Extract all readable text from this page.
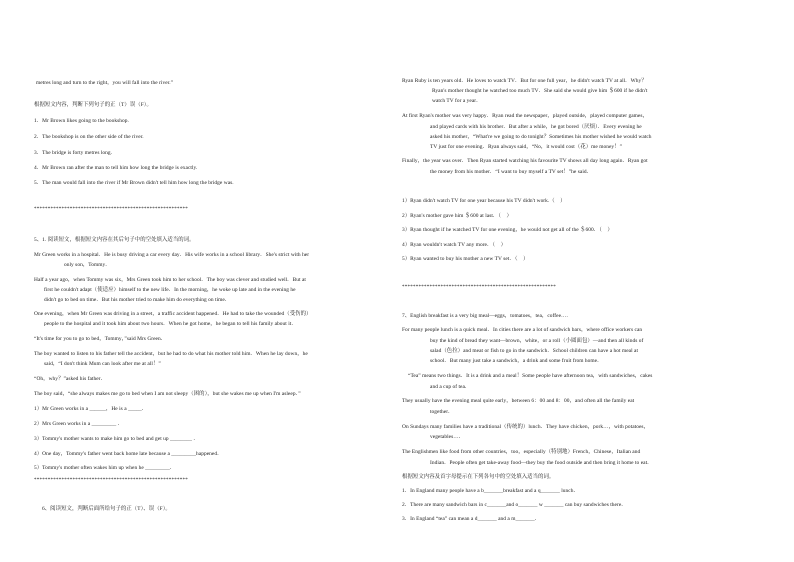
metres long and turn to the right，you will fall into the river.”
根据短文内容，判断下列句子的正（T）误（F）。
1．Mr Brown likes going to the bookshop.
2．The bookshop is on the other side of the river.
3．The bridge is forty metres long.
4．Mr Brown ran after the man to tell him how long the bridge is exactly.
5．The man would fall into the river if Mr Brown didn't tell him how long the bridge was.
********************************************************
5、1. 阅读短文，根据短文内容在其后句子中的空处填入适当的词。
Mr Green works in a hospital．He is busy driving a car every day．His wife works in a school library．She's strict with her
only son，Tommy．
Half a year ago，when Tommy was six，Mrs Green took him to her school．The boy was clever and studied well．But at
first he couldn't adapt（使适应）himself to the new life．In the morning，he woke up late and in the evening he
didn't go to bed on time．But his mother tried to make him do everything on time．
One evening，when Mr Green was driving in a street，a traffic accident happened．He had to take the wounded（受伤的）
people to the hospital and it took him about two hours．When he got home，he began to tell his family about it．
“It's time for you to go to bed，Tommy，”said Mrs Green．
The boy wanted to listen to his father tell the accident，but he had to do what his mother told him．When he lay down，he
said，“I don't think Mum can look after me at all！”
“Oh，why？”asked his father．
The boy said，“she always makes me go to bed when I am not sleepy（困的），but she wakes me up when I'm asleep．”
1）Mr Green works in a ______，He is a _____．
2）Mrs Green works in a _________ ．
3）Tommy's mother wants to make him go to bed and get up ________ ．
4）One day，Tommy's father went back home late because a _________happened．
5）Tommy's mother often wakes him up when he _________．
********************************************************
6、阅读短文，判断后面所给句子的正（T）、误（F）。
Ryan Ruby is ten years old．He loves to watch TV．But for one full year，he didn't watch TV at all．Why？
Ryan's mother thought he watched too much TV．She said she would give him ＄600 if he didn't
watch TV for a year．
At first Ryan's mother was very happy．Ryan read the newspaper，played outside，played computer games，
and played cards with his brother．But after a while，he got bored（厌烦）．Every evening he
asked his mother，“What're we going to do tonight？Sometimes his mother wished he would watch
TV just for one evening．Ryan always said，“No，it would cost（花）me money！”
Finally，the year was over．Then Ryan started watching his favourite TV shows all day long again．Ryan got
the money from his mother．“I want to buy myself a TV set！”he said．
1）Ryan didn't watch TV for one year because his TV didn't work.（　）
2）Ryan's mother gave him ＄600 at last．（　）
3）Ryan thought if he watched TV for one evening，he would not get all of the ＄600．（　）
4）Ryan wouldn't watch TV any more．（　）
5）Ryan wanted to buy his mother a new TV set．（　）
********************************************************
7、English breakfast is a very big meal—eggs，tomatoes，tea，coffee….
For many people lunch is a quick meal．In cities there are a lot of sandwich bars，where office workers can
buy the kind of bread they want—brown，white，or a roll（小圆面包）—and then all kinds of
salad（色拉）and meat or fish to go in the sandwich．School children can have a hot meal at
school．But many just take a sandwich，a drink and some fruit from home．
“Tea” means two things．It is a drink and a meal！Some people have afternoon tea，with sandwiches，cakes
and a cup of tea．
They usually have the evening meal quite early，between 6：00 and 8：00，and often all the family eat
together．
On Sundays many families have a traditional（传统的）lunch．They have chicken，pork…，with potatoes，
vegetables…．
The Englishmen like food from other countries，too，especially（特别地）French，Chinese，Italian and
Indian．People often get take-away food—they buy the food outside and then bring it home to eat．
根据短文内容及首字母提示在下列各句中的空处填入适当的词。
1．In England many people have a b_______breakfast and a q_______ lunch．
2．There are many sandwich bars in c_______and o_______ w _______ can buy sandwiches there．
3．In England “tea” can mean a d_______ and a m_______．
